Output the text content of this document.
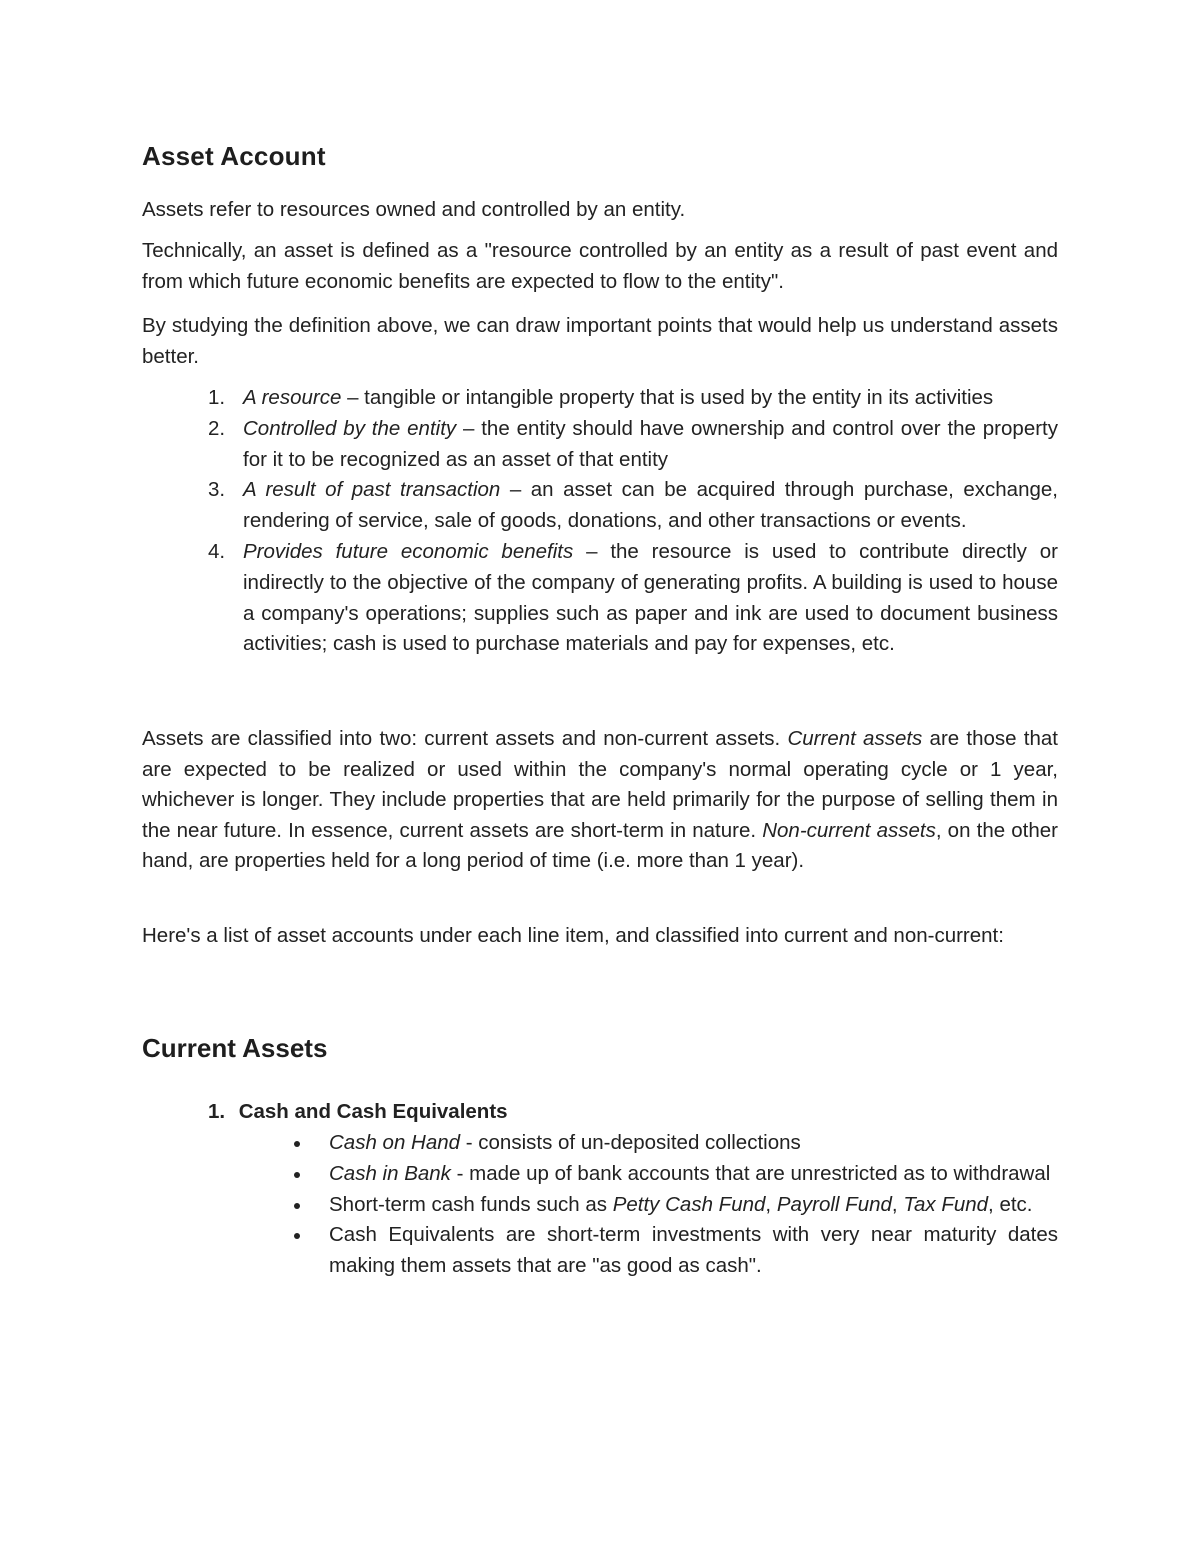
Asset Account

Assets refer to resources owned and controlled by an entity.

Technically, an asset is defined as a "resource controlled by an entity as a result of past event and from which future economic benefits are expected to flow to the entity".

By studying the definition above, we can draw important points that would help us understand assets better.

1. A resource – tangible or intangible property that is used by the entity in its activities
2. Controlled by the entity – the entity should have ownership and control over the property for it to be recognized as an asset of that entity
3. A result of past transaction – an asset can be acquired through purchase, exchange, rendering of service, sale of goods, donations, and other transactions or events.
4. Provides future economic benefits – the resource is used to contribute directly or indirectly to the objective of the company of generating profits. A building is used to house a company's operations; supplies such as paper and ink are used to document business activities; cash is used to purchase materials and pay for expenses, etc.

Assets are classified into two: current assets and non-current assets. Current assets are those that are expected to be realized or used within the company's normal operating cycle or 1 year, whichever is longer. They include properties that are held primarily for the purpose of selling them in the near future. In essence, current assets are short-term in nature. Non-current assets, on the other hand, are properties held for a long period of time (i.e. more than 1 year).

Here's a list of asset accounts under each line item, and classified into current and non-current:

Current Assets
1. Cash and Cash Equivalents
Cash on Hand - consists of un-deposited collections
Cash in Bank - made up of bank accounts that are unrestricted as to withdrawal
Short-term cash funds such as Petty Cash Fund, Payroll Fund, Tax Fund, etc.
Cash Equivalents are short-term investments with very near maturity dates making them assets that are "as good as cash".
